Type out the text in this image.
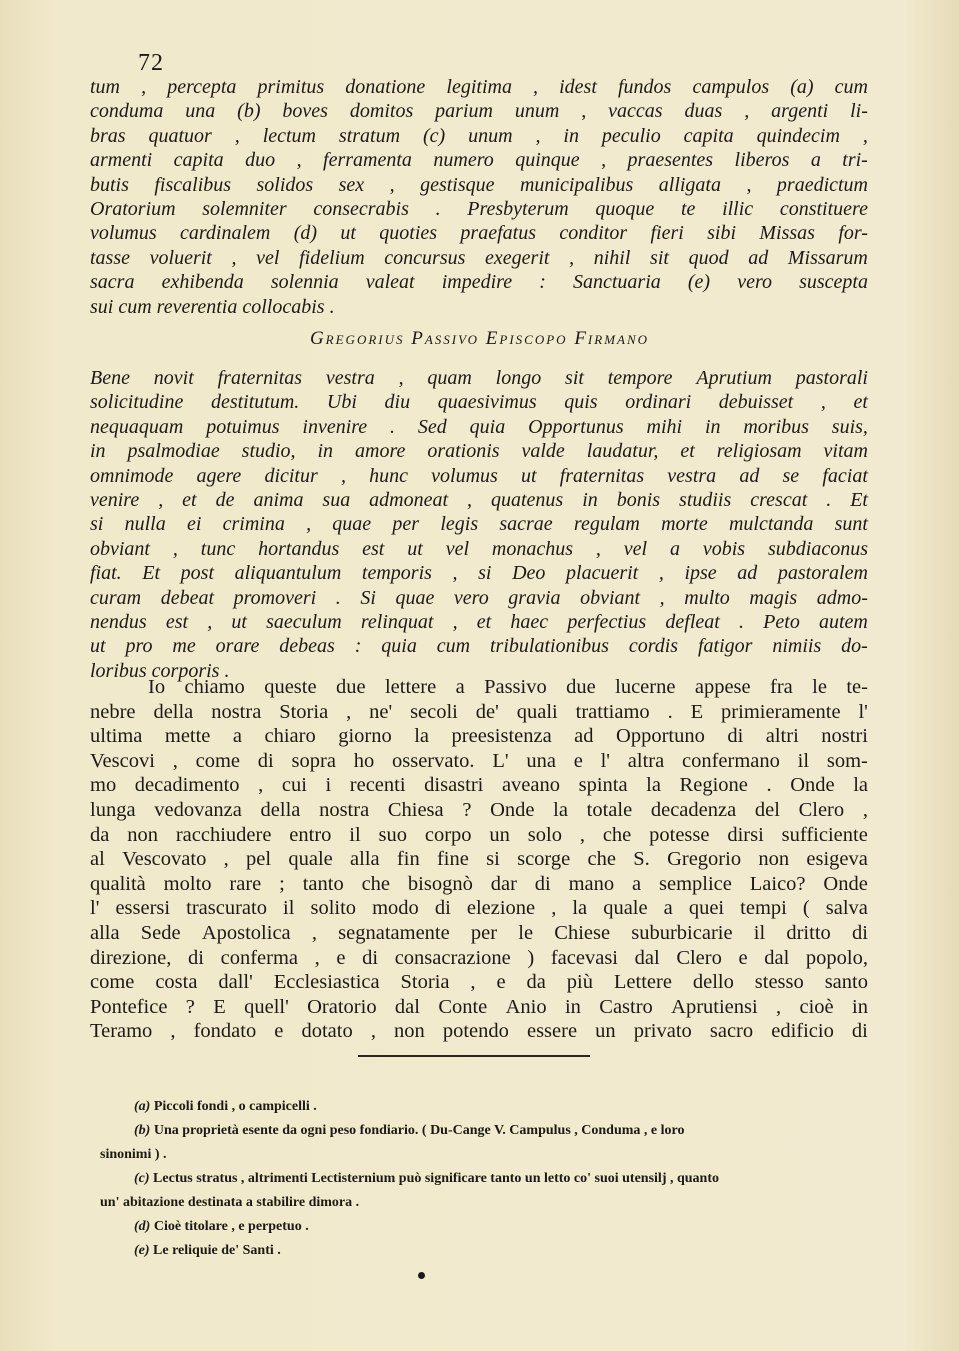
72
tum , percepta primitus donatione legitima , idest fundos campulos (a) cum
conduma una (b) boves domitos parium unum , vaccas duas , argenti li-
bras quatuor , lectum stratum (c) unum , in peculio capita quindecim ,
armenti capita duo , ferramenta numero quinque , praesentes liberos a tri-
butis fiscalibus solidos sex , gestisque municipalibus alligata , praedictum
Oratorium solemniter consecrabis . Presbyterum quoque te illic constituere
volumus cardinalem (d) ut quoties praefatus conditor fieri sibi Missas for-
tasse voluerit , vel fidelium concursus exegerit , nihil sit quod ad Missarum
sacra exhibenda solennia valeat impedire : Sanctuaria (e) vero suscepta
sui cum reverentia collocabis .
Gregorius Passivo Episcopo Firmano
Bene novit fraternitas vestra , quam longo sit tempore Aprutium pastorali
solicitudine destitutum. Ubi diu quaesivimus quis ordinari debuisset , et
nequaquam potuimus invenire . Sed quia Opportunus mihi in moribus suis,
in psalmodiae studio, in amore orationis valde laudatur, et religiosam vitam
omnimode agere dicitur , hunc volumus ut fraternitas vestra ad se faciat
venire , et de anima sua admoneat , quatenus in bonis studiis crescat . Et
si nulla ei crimina , quae per legis sacrae regulam morte mulctanda sunt
obviant , tunc hortandus est ut vel monachus , vel a vobis subdiaconus
fiat. Et post aliquantulum temporis , si Deo placuerit , ipse ad pastoralem
curam debeat promoveri . Si quae vero gravia obviant , multo magis admo-
nendus est , ut saeculum relinquat , et haec perfectius defleat . Peto autem
ut pro me orare debeas : quia cum tribulationibus cordis fatigor nimiis do-
loribus corporis .
Io chiamo queste due lettere a Passivo due lucerne appese fra le te-
nebre della nostra Storia , ne' secoli de' quali trattiamo . E primieramente l'
ultima mette a chiaro giorno la preesistenza ad Opportuno di altri nostri
Vescovi , come di sopra ho osservato. L' una e l' altra confermano il som-
mo decadimento , cui i recenti disastri aveano spinta la Regione . Onde la
lunga vedovanza della nostra Chiesa ? Onde la totale decadenza del Clero ,
da non racchiudere entro il suo corpo un solo , che potesse dirsi sufficiente
al Vescovato , pel quale alla fin fine si scorge che S. Gregorio non esigeva
qualità molto rare ; tanto che bisognò dar di mano a semplice Laico? Onde
l' essersi trascurato il solito modo di elezione , la quale a quei tempi ( salva
alla Sede Apostolica , segnatamente per le Chiese suburbicarie il dritto di
direzione, di conferma , e di consacrazione ) facevasi dal Clero e dal popolo,
come costa dall' Ecclesiastica Storia , e da più Lettere dello stesso santo
Pontefice ? E quell' Oratorio dal Conte Anio in Castro Aprutiensi , cioè in
Teramo , fondato e dotato , non potendo essere un privato sacro edificio di
(a) Piccoli fondi , o campicelli .
(b) Una proprietà esente da ogni peso fondiario. ( Du-Cange V. Campulus , Conduma , e loro
sinonimi ) .
(c) Lectus stratus , altrimenti Lectisternium può significare tanto un letto co' suoi utensilj , quanto
un' abitazione destinata a stabilire dimora .
(d) Cioè titolare , e perpetuo .
(e) Le reliquie de' Santi .
